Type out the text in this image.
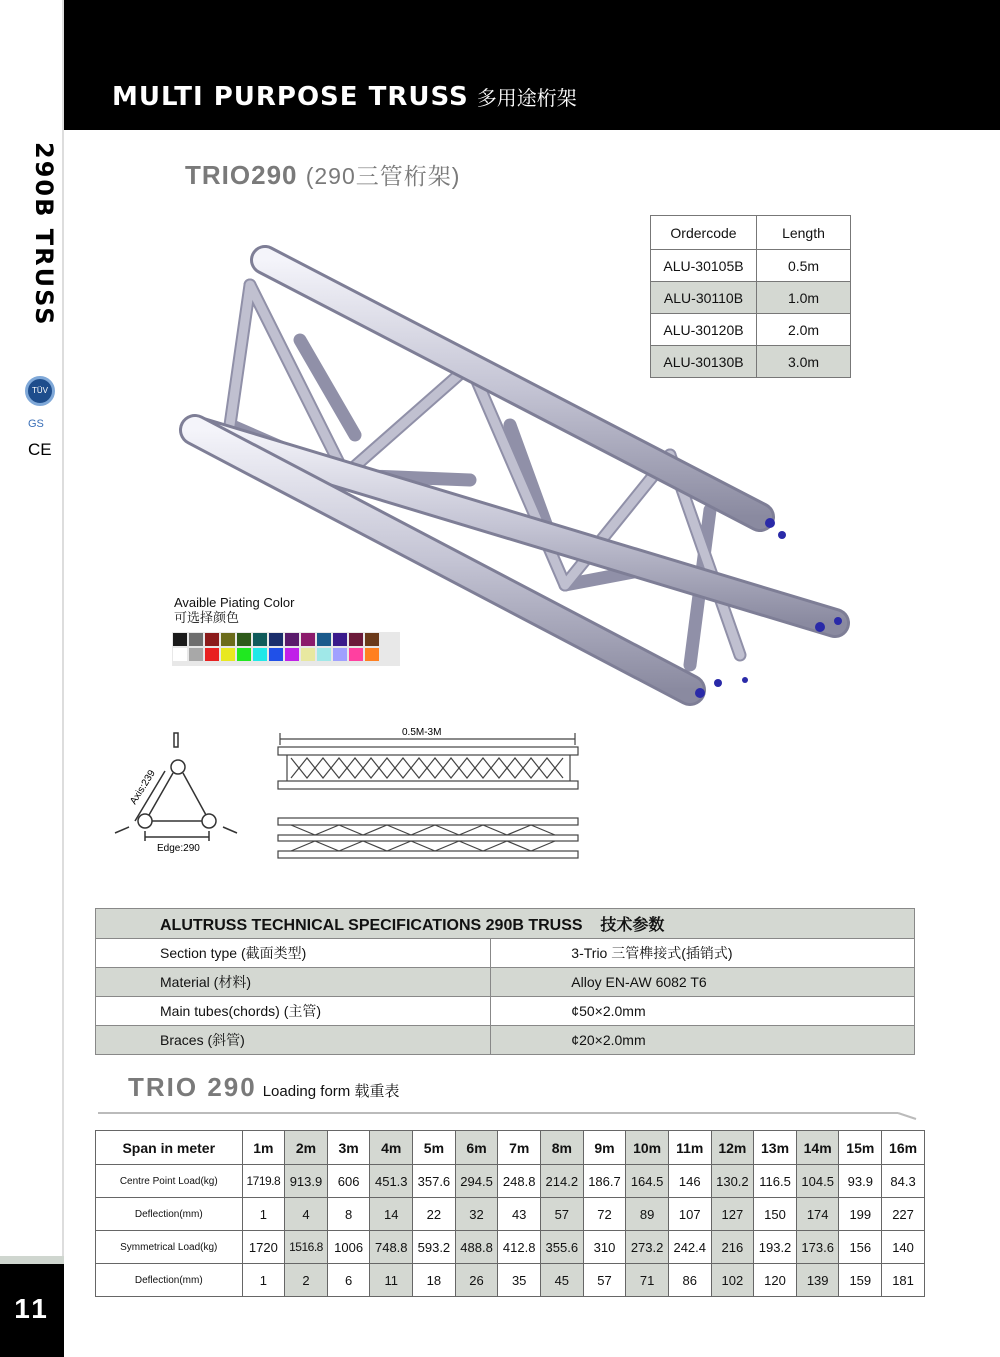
MULTI PURPOSE TRUSS 多用途桁架
290B TRUSS
TÜV
GS
CE
11
TRIO290 (290三管桁架)
Ordercode	Length
ALU-30105B	0.5m
ALU-30110B	1.0m
ALU-30120B	2.0m
ALU-30130B	3.0m
Avaible Piating Color
可选择颜色
Axis:239
Edge:290
0.5M-3M
ALUTRUSS TECHNICAL SPECIFICATIONS 290B TRUSS 技术参数	
Section type (截面类型)	3-Trio 三管榫接式(插销式)
Material (材料)	Alloy EN-AW 6082 T6
Main tubes(chords) (主管)	¢50×2.0mm
Braces (斜管)	¢20×2.0mm
TRIO 290 Loading form 载重表
Span in meter	1m	2m	3m	4m	5m	6m	7m	8m	9m	10m	11m	12m	13m	14m	15m	16m
Centre Point Load(kg)	1719.8	913.9	606	451.3	357.6	294.5	248.8	214.2	186.7	164.5	146	130.2	116.5	104.5	93.9	84.3
Deflection(mm)	1	4	8	14	22	32	43	57	72	89	107	127	150	174	199	227
Symmetrical Load(kg)	1720	1516.8	1006	748.8	593.2	488.8	412.8	355.6	310	273.2	242.4	216	193.2	173.6	156	140
Deflection(mm)	1	2	6	11	18	26	35	45	57	71	86	102	120	139	159	181
